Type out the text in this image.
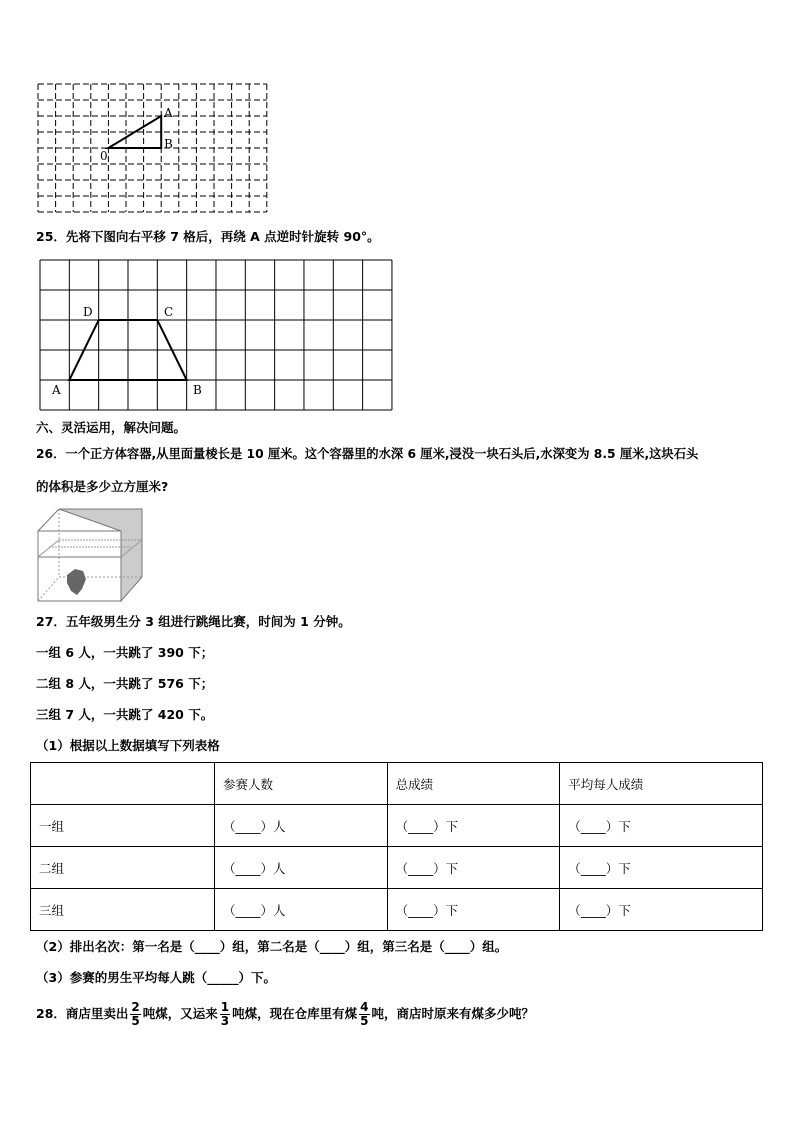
A
B
0
25．先将下图向右平移 7 格后，再绕 A 点逆时针旋转 90°。
A	B
C
D
六、灵活运用，解决问题。
26．一个正方体容器,从里面量棱长是 10 厘米。这个容器里的水深 6 厘米,浸没一块石头后,水深变为 8.5 厘米,这块石头
的体积是多少立方厘米?
27．五年级男生分 3 组进行跳绳比赛，时间为 1 分钟。
一组 6 人，一共跳了 390 下；
二组 8 人，一共跳了 576 下；
三组 7 人，一共跳了 420 下。
（1）根据以上数据填写下列表格
	参赛人数	总成绩	平均每人成绩
一组	（____）人	（____）下	（____）下
二组	（____）人	（____）下	（____）下
三组	（____）人	（____）下	（____）下
（2）排出名次：第一名是（____）组，第二名是（____）组，第三名是（____）组。
（3）参赛的男生平均每人跳（_____）下。
28．商店里卖出 $\frac{2}{5}$ 吨煤，又运来 $\frac{1}{3}$ 吨煤，现在仓库里有煤 $\frac{4}{5}$ 吨，商店时原来有煤多少吨？
